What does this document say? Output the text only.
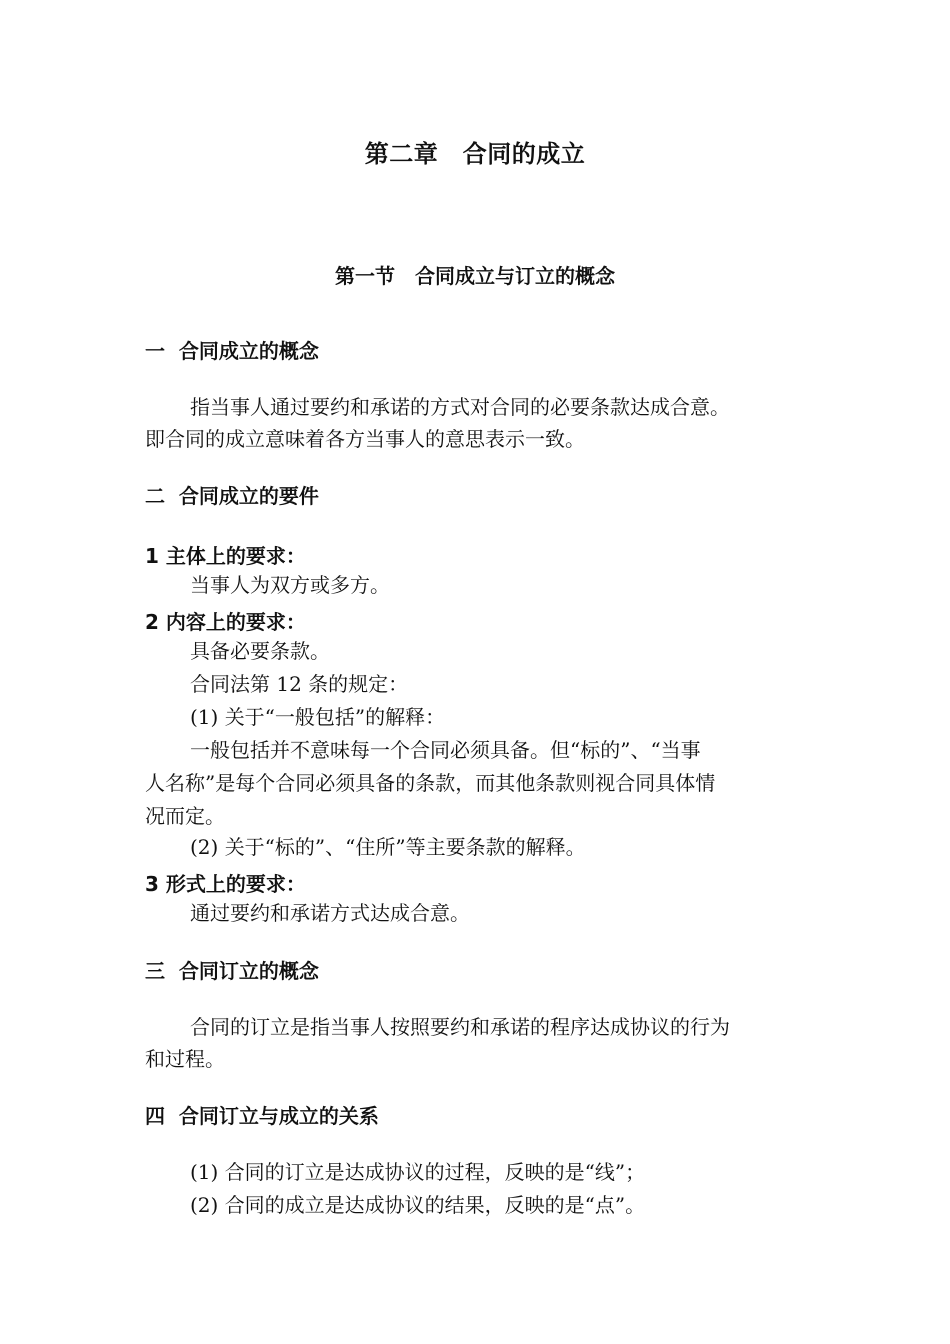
第二章　合同的成立
第一节　合同成立与订立的概念
一  合同成立的概念

指当事人通过要约和承诺的方式对合同的必要条款达成合意。

即合同的成立意味着各方当事人的意思表示一致。

二  合同成立的要件

1 主体上的要求：

当事人为双方或多方。

2 内容上的要求：

具备必要条款。

合同法第 12 条的规定：

(1) 关于“一般包括”的解释：

一般包括并不意味每一个合同必须具备。但“标的”、“当事

人名称”是每个合同必须具备的条款，而其他条款则视合同具体情

况而定。

(2) 关于“标的”、“住所”等主要条款的解释。

3 形式上的要求：

通过要约和承诺方式达成合意。

三  合同订立的概念

合同的订立是指当事人按照要约和承诺的程序达成协议的行为

和过程。

四  合同订立与成立的关系

(1) 合同的订立是达成协议的过程，反映的是“线”；

(2) 合同的成立是达成协议的结果，反映的是“点”。
